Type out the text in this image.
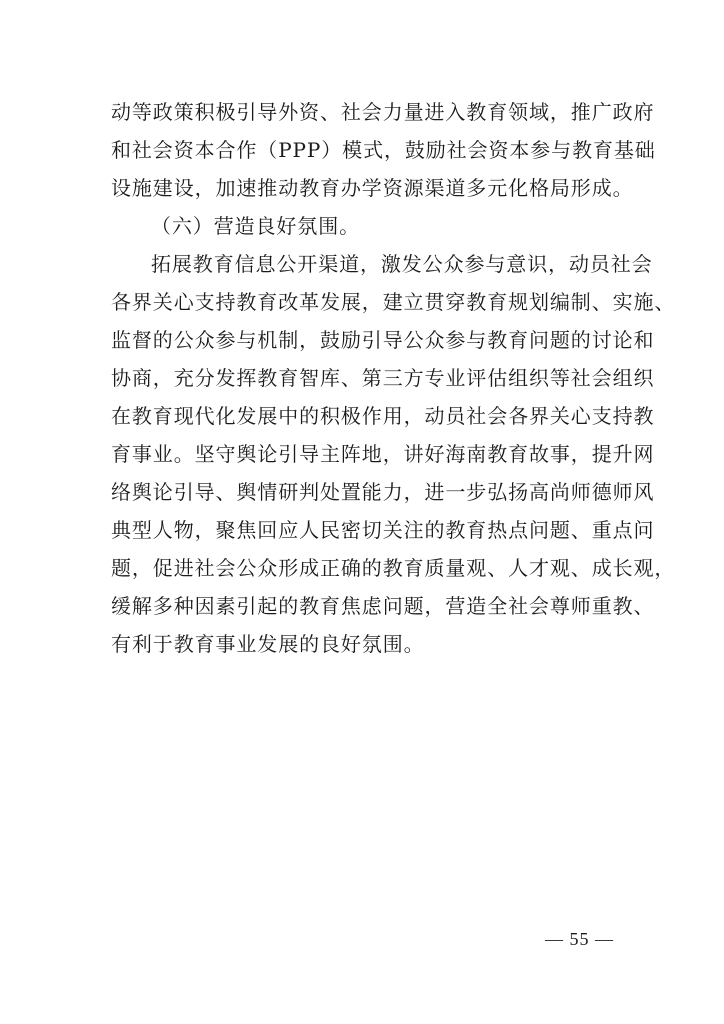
动等政策积极引导外资、社会力量进入教育领域，推广政府
和社会资本合作（PPP）模式，鼓励社会资本参与教育基础
设施建设，加速推动教育办学资源渠道多元化格局形成。
（六）营造良好氛围。
拓展教育信息公开渠道，激发公众参与意识，动员社会
各界关心支持教育改革发展，建立贯穿教育规划编制、实施、
监督的公众参与机制，鼓励引导公众参与教育问题的讨论和
协商，充分发挥教育智库、第三方专业评估组织等社会组织
在教育现代化发展中的积极作用，动员社会各界关心支持教
育事业。坚守舆论引导主阵地，讲好海南教育故事，提升网
络舆论引导、舆情研判处置能力，进一步弘扬高尚师德师风
典型人物，聚焦回应人民密切关注的教育热点问题、重点问
题，促进社会公众形成正确的教育质量观、人才观、成长观，
缓解多种因素引起的教育焦虑问题，营造全社会尊师重教、
有利于教育事业发展的良好氛围。
— 55 —
